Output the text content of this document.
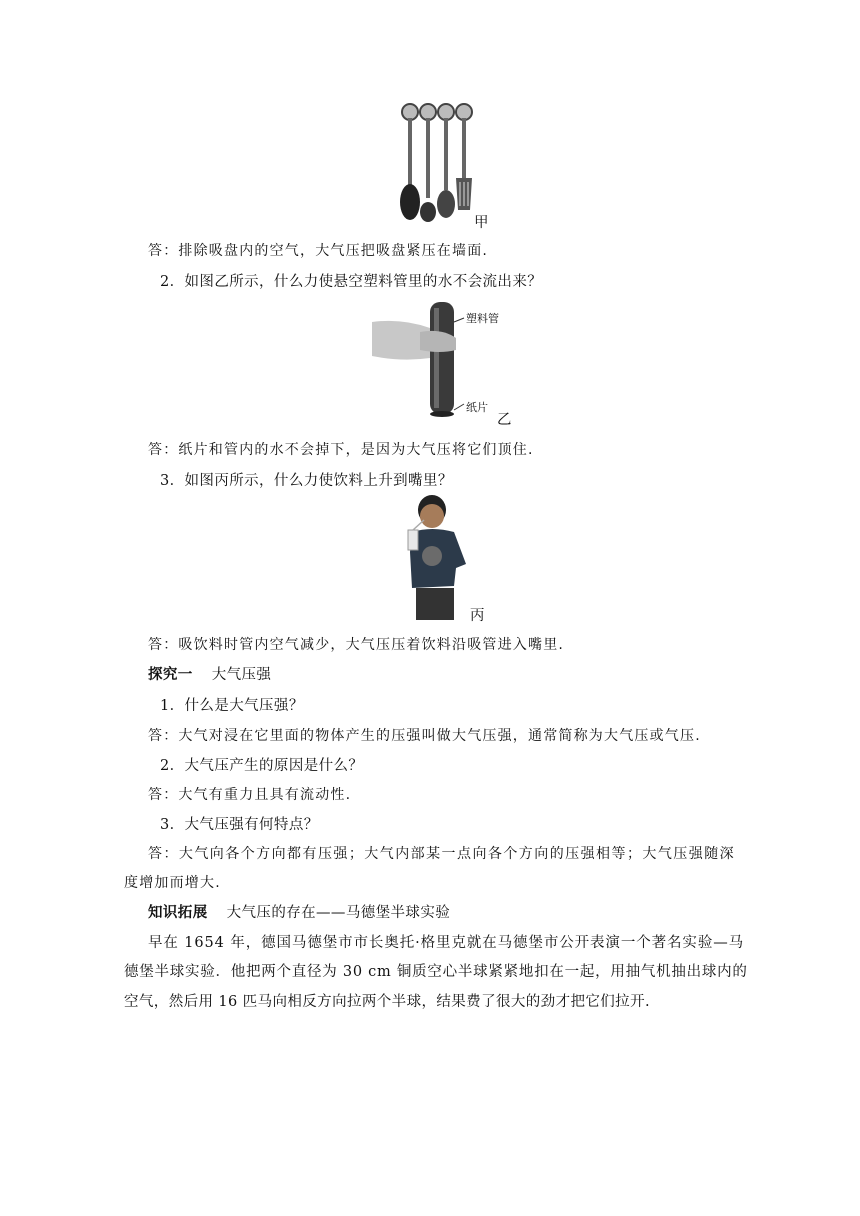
甲
答：排除吸盘内的空气，大气压把吸盘紧压在墙面.
2．如图乙所示，什么力使悬空塑料管里的水不会流出来？
塑料管
纸片
乙
答：纸片和管内的水不会掉下，是因为大气压将它们顶住.
3．如图丙所示，什么力使饮料上升到嘴里？
丙
答：吸饮料时管内空气减少，大气压压着饮料沿吸管进入嘴里.
探究一 大气压强
1．什么是大气压强？
答：大气对浸在它里面的物体产生的压强叫做大气压强，通常简称为大气压或气压.
2．大气压产生的原因是什么？
答：大气有重力且具有流动性.
3．大气压强有何特点？
答：大气向各个方向都有压强；大气内部某一点向各个方向的压强相等；大气压强随深
度增加而增大.
知识拓展 大气压的存在——马德堡半球实验
早在 1654 年，德国马德堡市市长奥托·格里克就在马德堡市公开表演一个著名实验—马
德堡半球实验．他把两个直径为 30 cm 铜质空心半球紧紧地扣在一起，用抽气机抽出球内的
空气，然后用 16 匹马向相反方向拉两个半球，结果费了很大的劲才把它们拉开.
